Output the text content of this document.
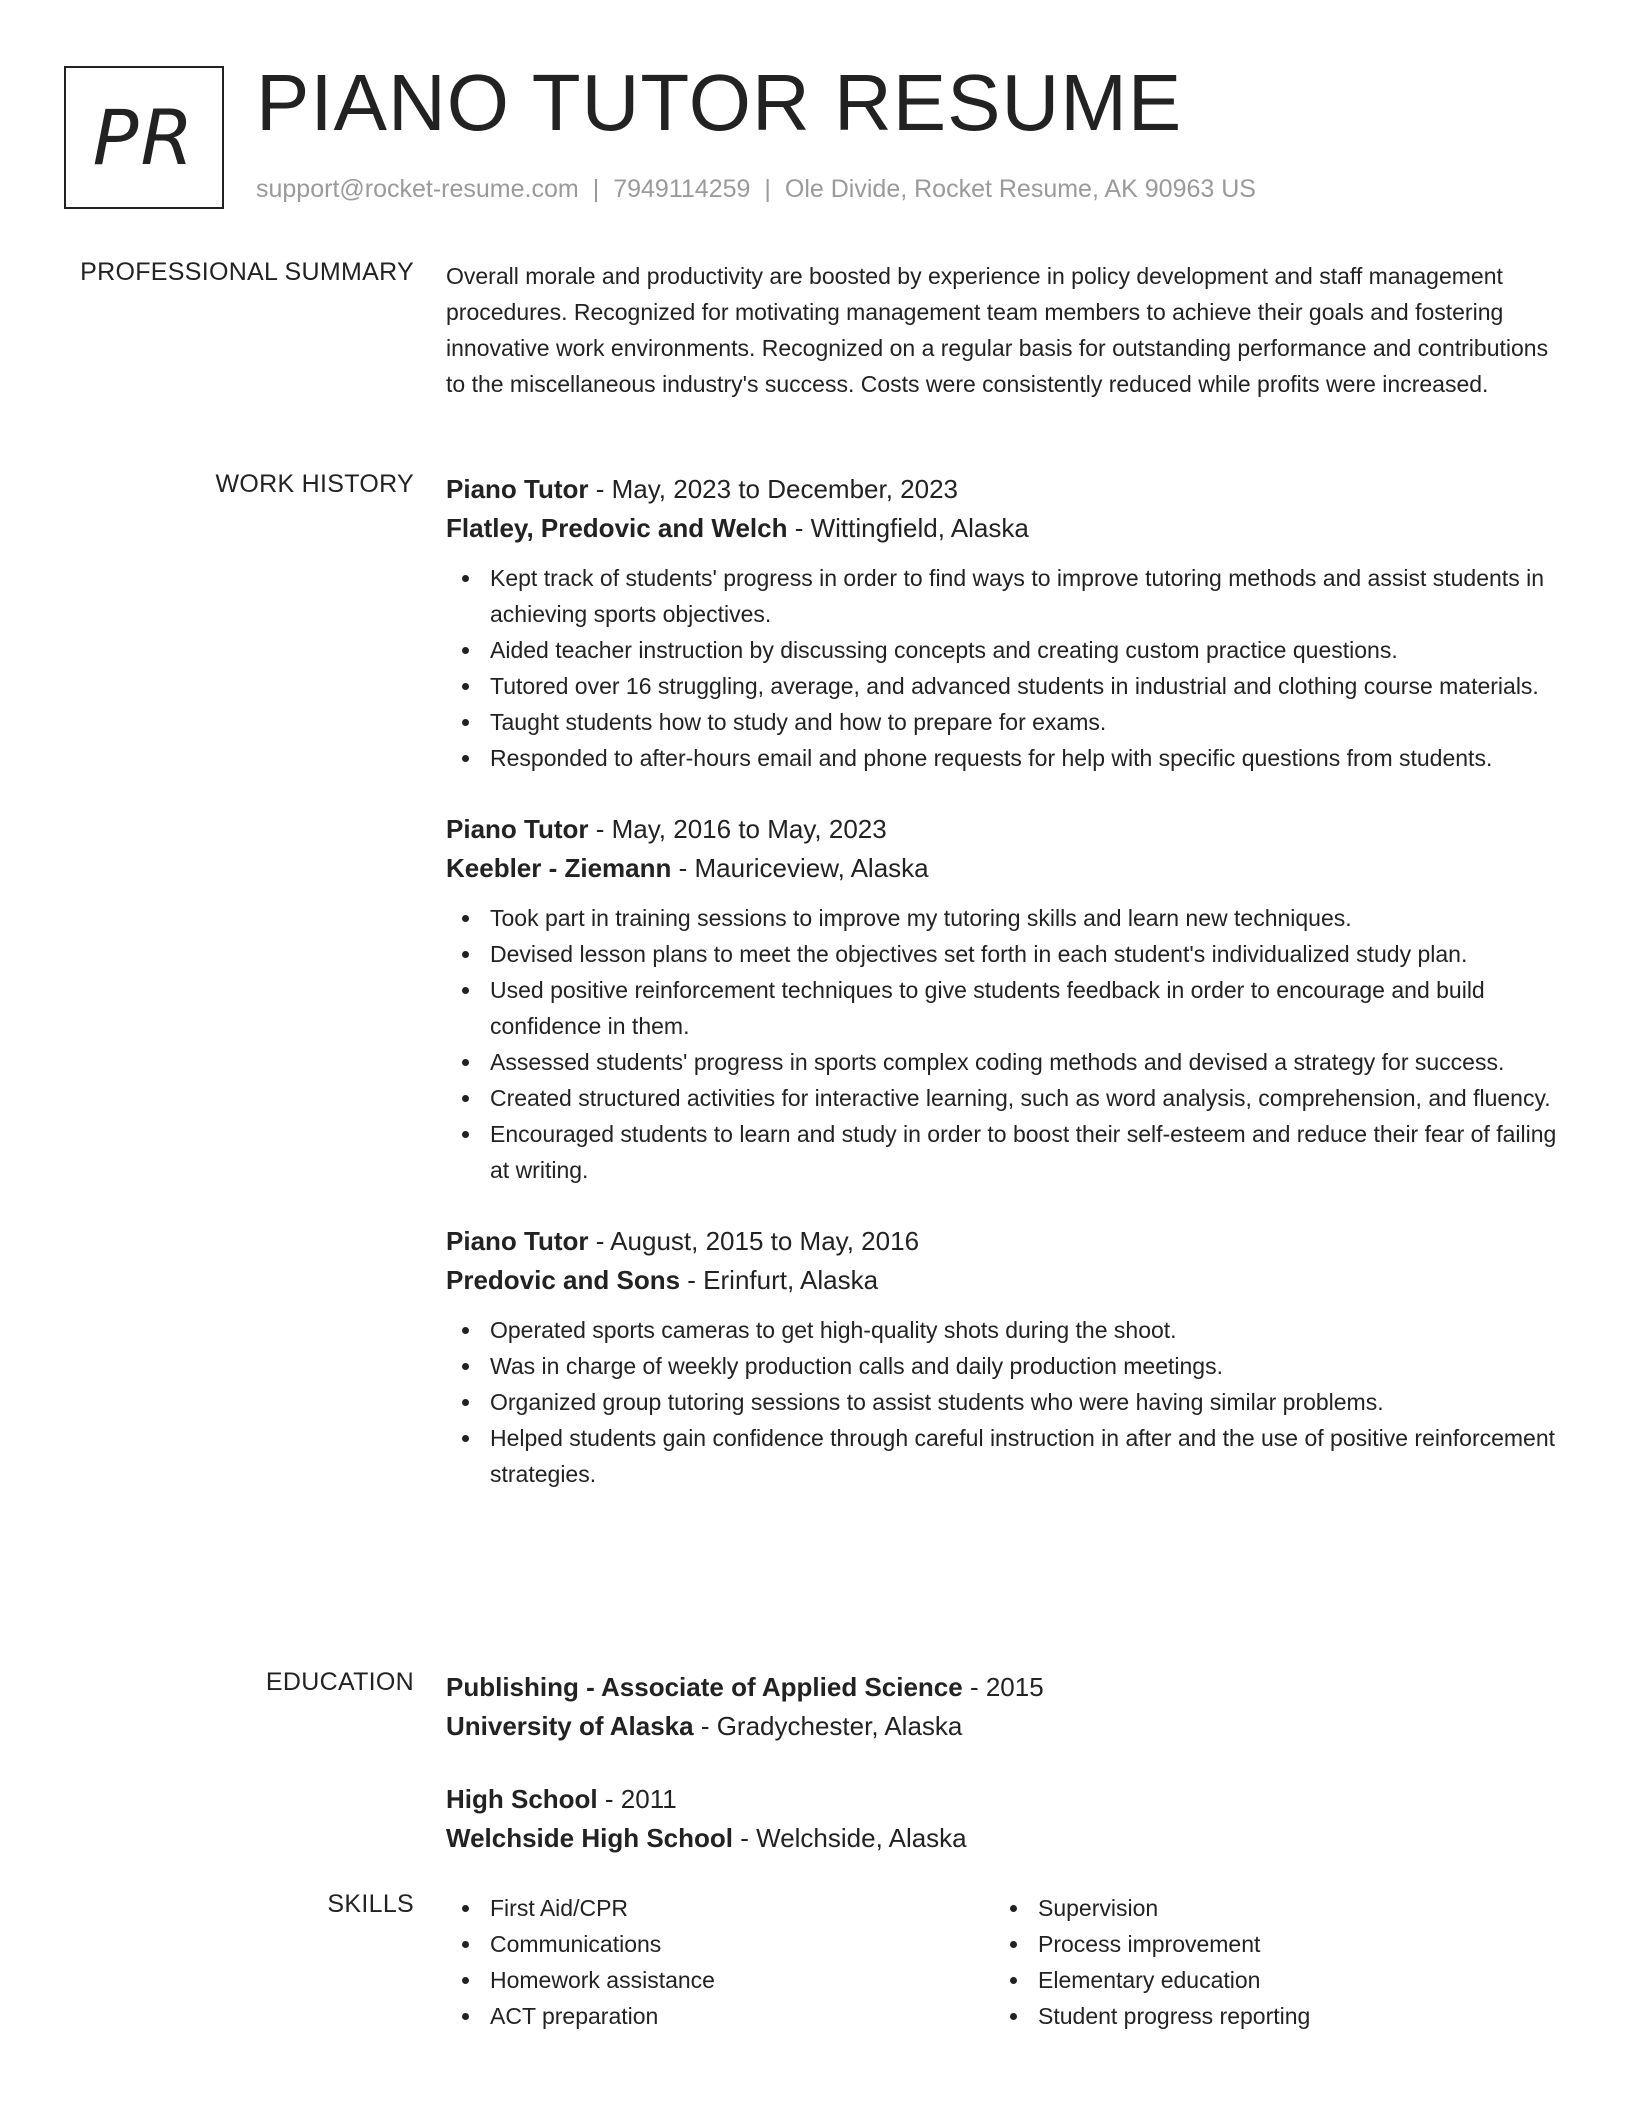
PR PIANO TUTOR RESUME
support@rocket-resume.com | 7949114259 | Ole Divide, Rocket Resume, AK 90963 US
PROFESSIONAL SUMMARY Overall morale and productivity are boosted by experience in policy development and staff management procedures. Recognized for motivating management team members to achieve their goals and fostering innovative work environments. Recognized on a regular basis for outstanding performance and contributions to the miscellaneous industry's success. Costs were consistently reduced while profits were increased.

WORK HISTORY Piano Tutor - May, 2023 to December, 2023
Flatley, Predovic and Welch - Wittingfield, Alaska
Kept track of students' progress in order to find ways to improve tutoring methods and assist students in achieving sports objectives.
Aided teacher instruction by discussing concepts and creating custom practice questions.
Tutored over 16 struggling, average, and advanced students in industrial and clothing course materials.
Taught students how to study and how to prepare for exams.
Responded to after-hours email and phone requests for help with specific questions from students.
Piano Tutor - May, 2016 to May, 2023
Keebler - Ziemann - Mauriceview, Alaska
Took part in training sessions to improve my tutoring skills and learn new techniques.
Devised lesson plans to meet the objectives set forth in each student's individualized study plan.
Used positive reinforcement techniques to give students feedback in order to encourage and build confidence in them.
Assessed students' progress in sports complex coding methods and devised a strategy for success.
Created structured activities for interactive learning, such as word analysis, comprehension, and fluency.
Encouraged students to learn and study in order to boost their self-esteem and reduce their fear of failing at writing.
Piano Tutor - August, 2015 to May, 2016
Predovic and Sons - Erinfurt, Alaska
Operated sports cameras to get high-quality shots during the shoot.
Was in charge of weekly production calls and daily production meetings.
Organized group tutoring sessions to assist students who were having similar problems.
Helped students gain confidence through careful instruction in after and the use of positive reinforcement strategies.
EDUCATION Publishing - Associate of Applied Science - 2015
University of Alaska - Gradychester, Alaska
High School - 2011
Welchside High School - Welchside, Alaska
SKILLS	First Aid/CPR
Communications
Homework assistance
ACT preparation
Supervision
Process improvement
Elementary education
Student progress reporting
